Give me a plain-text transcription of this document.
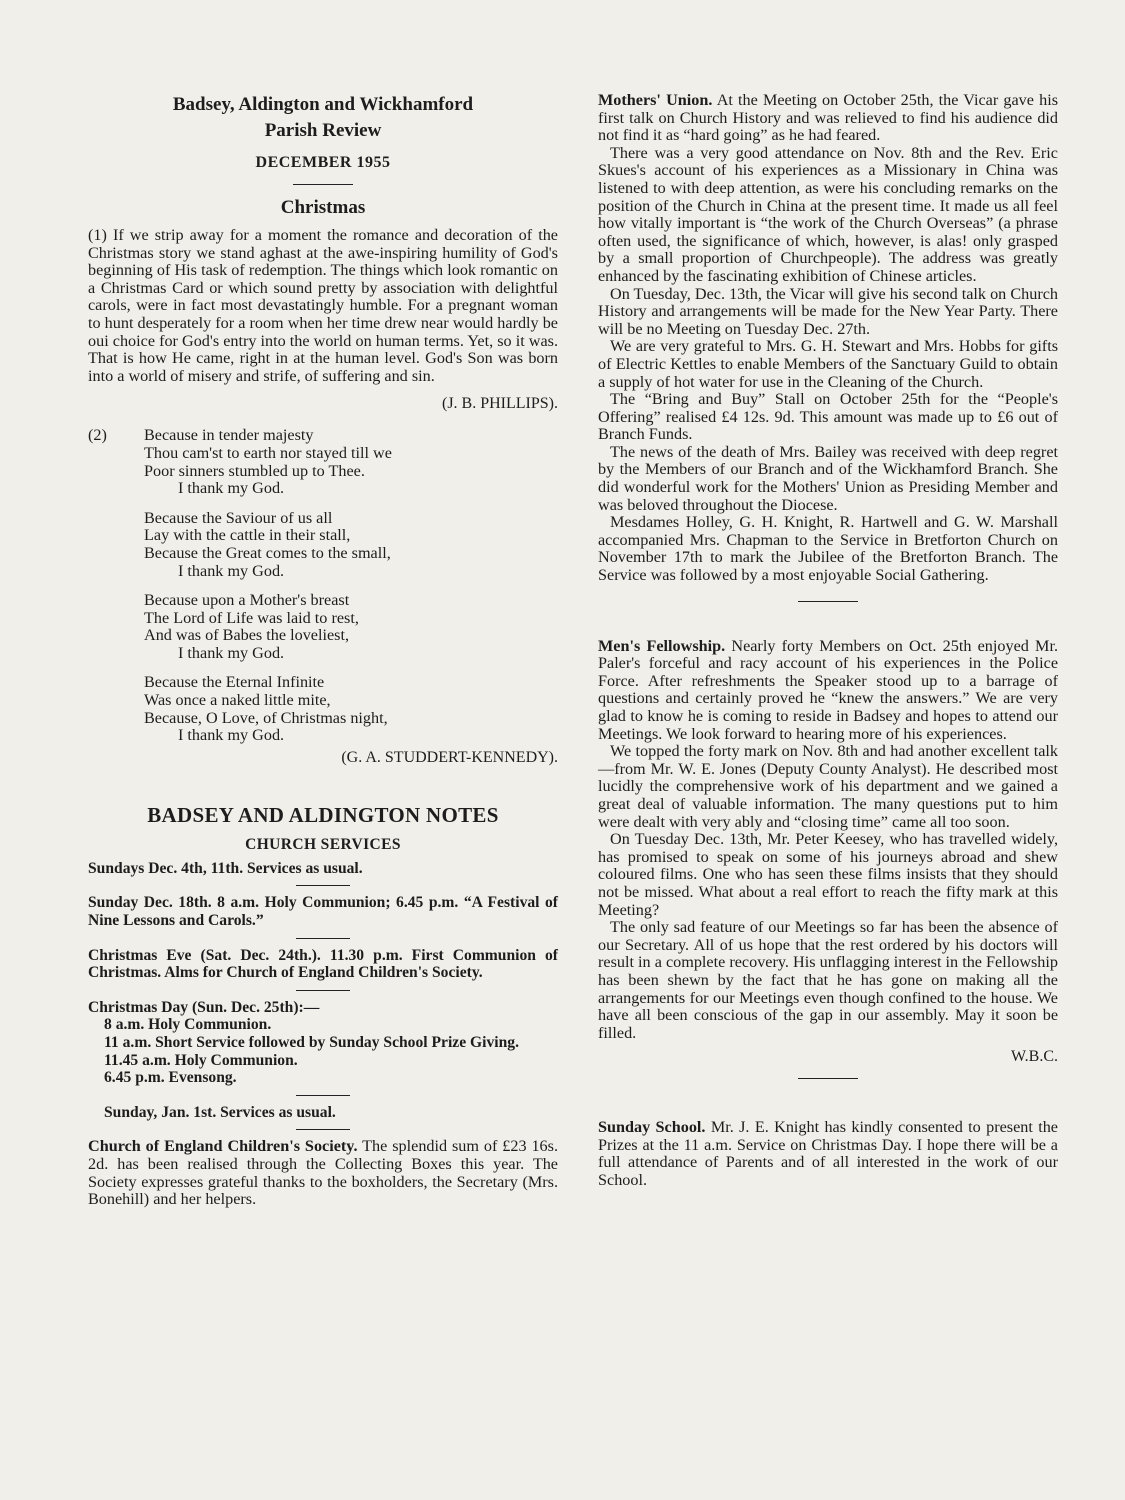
Badsey, Aldington and Wickhamford
Parish Review
DECEMBER 1955
Christmas

(1) If we strip away for a moment the romance and decoration of the Christmas story we stand aghast at the awe-inspiring humility of God's beginning of His task of redemption. The things which look romantic on a Christmas Card or which sound pretty by association with delightful carols, were in fact most devastatingly humble. For a pregnant woman to hunt desperately for a room when her time drew near would hardly be oui choice for God's entry into the world on human terms. Yet, so it was. That is how He came, right in at the human level. God's Son was born into a world of misery and strife, of suffering and sin.

(J. B. PHILLIPS).
(2)	Because in tender majesty
Thou cam'st to earth nor stayed till we
Poor sinners stumbled up to Thee.
I thank my God.
Because the Saviour of us all
Lay with the cattle in their stall,
Because the Great comes to the small,
I thank my God.
Because upon a Mother's breast
The Lord of Life was laid to rest,
And was of Babes the loveliest,
I thank my God.
Because the Eternal Infinite
Was once a naked little mite,
Because, O Love, of Christmas night,
I thank my God.
(G. A. STUDDERT-KENNEDY).
BADSEY AND ALDINGTON NOTES
CHURCH SERVICES

Sundays Dec. 4th, 11th. Services as usual.

Sunday Dec. 18th. 8 a.m. Holy Communion; 6.45 p.m. “A Festival of Nine Lessons and Carols.”

Christmas Eve (Sat. Dec. 24th.). 11.30 p.m. First Communion of Christmas. Alms for Church of England Children's Society.

Christmas Day (Sun. Dec. 25th):—
8 a.m. Holy Communion.
11 a.m. Short Service followed by Sunday School Prize Giving.
11.45 a.m. Holy Communion.
6.45 p.m. Evensong.

Sunday, Jan. 1st. Services as usual.

Church of England Children's Society. The splendid sum of £23 16s. 2d. has been realised through the Collecting Boxes this year. The Society expresses grateful thanks to the boxholders, the Secretary (Mrs. Bonehill) and her helpers.

Mothers' Union. At the Meeting on October 25th, the Vicar gave his first talk on Church History and was relieved to find his audience did not find it as “hard going” as he had feared.

There was a very good attendance on Nov. 8th and the Rev. Eric Skues's account of his experiences as a Missionary in China was listened to with deep attention, as were his concluding remarks on the position of the Church in China at the present time. It made us all feel how vitally important is “the work of the Church Overseas” (a phrase often used, the significance of which, however, is alas! only grasped by a small proportion of Churchpeople). The address was greatly enhanced by the fascinating exhibition of Chinese articles.

On Tuesday, Dec. 13th, the Vicar will give his second talk on Church History and arrangements will be made for the New Year Party. There will be no Meeting on Tuesday Dec. 27th.

We are very grateful to Mrs. G. H. Stewart and Mrs. Hobbs for gifts of Electric Kettles to enable Members of the Sanctuary Guild to obtain a supply of hot water for use in the Cleaning of the Church.

The “Bring and Buy” Stall on October 25th for the “People's Offering” realised £4 12s. 9d. This amount was made up to £6 out of Branch Funds.

The news of the death of Mrs. Bailey was received with deep regret by the Members of our Branch and of the Wickhamford Branch. She did wonderful work for the Mothers' Union as Presiding Member and was beloved throughout the Diocese.

Mesdames Holley, G. H. Knight, R. Hartwell and G. W. Marshall accompanied Mrs. Chapman to the Service in Bretforton Church on November 17th to mark the Jubilee of the Bretforton Branch. The Service was followed by a most enjoyable Social Gathering.

Men's Fellowship. Nearly forty Members on Oct. 25th enjoyed Mr. Paler's forceful and racy account of his experiences in the Police Force. After refreshments the Speaker stood up to a barrage of questions and certainly proved he “knew the answers.” We are very glad to know he is coming to reside in Badsey and hopes to attend our Meetings. We look forward to hearing more of his experiences.

We topped the forty mark on Nov. 8th and had another excellent talk—from Mr. W. E. Jones (Deputy County Analyst). He described most lucidly the comprehensive work of his department and we gained a great deal of valuable information. The many questions put to him were dealt with very ably and “closing time” came all too soon.

On Tuesday Dec. 13th, Mr. Peter Keesey, who has travelled widely, has promised to speak on some of his journeys abroad and shew coloured films. One who has seen these films insists that they should not be missed. What about a real effort to reach the fifty mark at this Meeting?

The only sad feature of our Meetings so far has been the absence of our Secretary. All of us hope that the rest ordered by his doctors will result in a complete recovery. His unflagging interest in the Fellowship has been shewn by the fact that he has gone on making all the arrangements for our Meetings even though confined to the house. We have all been conscious of the gap in our assembly. May it soon be filled.

W.B.C.

Sunday School. Mr. J. E. Knight has kindly consented to present the Prizes at the 11 a.m. Service on Christmas Day. I hope there will be a full attendance of Parents and of all interested in the work of our School.
